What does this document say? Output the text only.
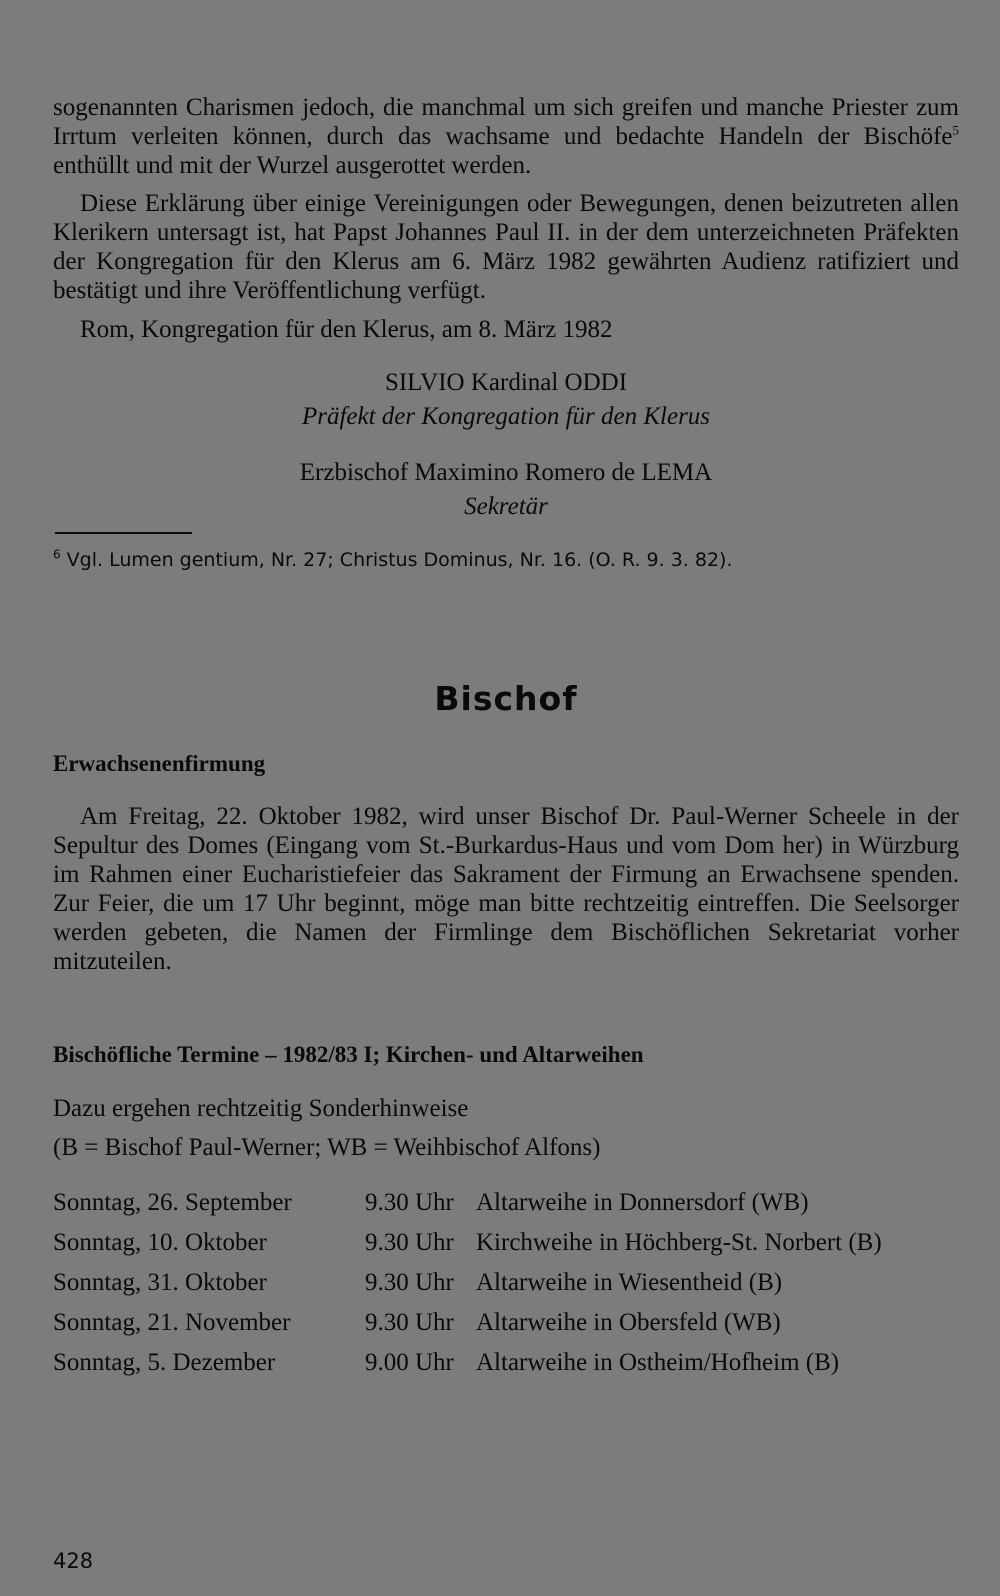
sogenannten Charismen jedoch, die manchmal um sich greifen und manche Priester zum Irrtum verleiten können, durch das wachsame und bedachte Handeln der Bischöfe$^5$ enthüllt und mit der Wurzel ausgerottet werden.

Diese Erklärung über einige Vereinigungen oder Bewegungen, denen beizutreten allen Klerikern untersagt ist, hat Papst Johannes Paul II. in der dem unterzeichneten Präfekten der Kongregation für den Klerus am 6. März 1982 gewährten Audienz ratifiziert und bestätigt und ihre Veröffentlichung verfügt.

Rom, Kongregation für den Klerus, am 8. März 1982

SILVIO Kardinal ODDI
Präfekt der Kongregation für den Klerus
Erzbischof Maximino Romero de LEMA
Sekretär
$^6$ Vgl. Lumen gentium, Nr. 27; Christus Dominus, Nr. 16. (O. R. 9. 3. 82).
Bischof
Erwachsenenfirmung

Am Freitag, 22. Oktober 1982, wird unser Bischof Dr. Paul-Werner Scheele in der Sepultur des Domes (Eingang vom St.-Burkardus-Haus und vom Dom her) in Würzburg im Rahmen einer Eucharistiefeier das Sakrament der Firmung an Erwachsene spenden. Zur Feier, die um 17 Uhr beginnt, möge man bitte rechtzeitig eintreffen. Die Seelsorger werden gebeten, die Namen der Firmlinge dem Bischöflichen Sekretariat vorher mitzuteilen.

Bischöfliche Termine – 1982/83 I; Kirchen- und Altarweihen
Dazu ergehen rechtzeitig Sonderhinweise
(B = Bischof Paul-Werner; WB = Weihbischof Alfons)
Sonntag, 26. September	9.30 Uhr Altarweihe in Donnersdorf (WB)
Sonntag, 10. Oktober	9.30 Uhr Kirchweihe in Höchberg-St. Norbert (B)
Sonntag, 31. Oktober	9.30 Uhr Altarweihe in Wiesentheid (B)
Sonntag, 21. November	9.30 Uhr Altarweihe in Obersfeld (WB)
Sonntag, 5. Dezember	9.00 Uhr Altarweihe in Ostheim/Hofheim (B)
428
